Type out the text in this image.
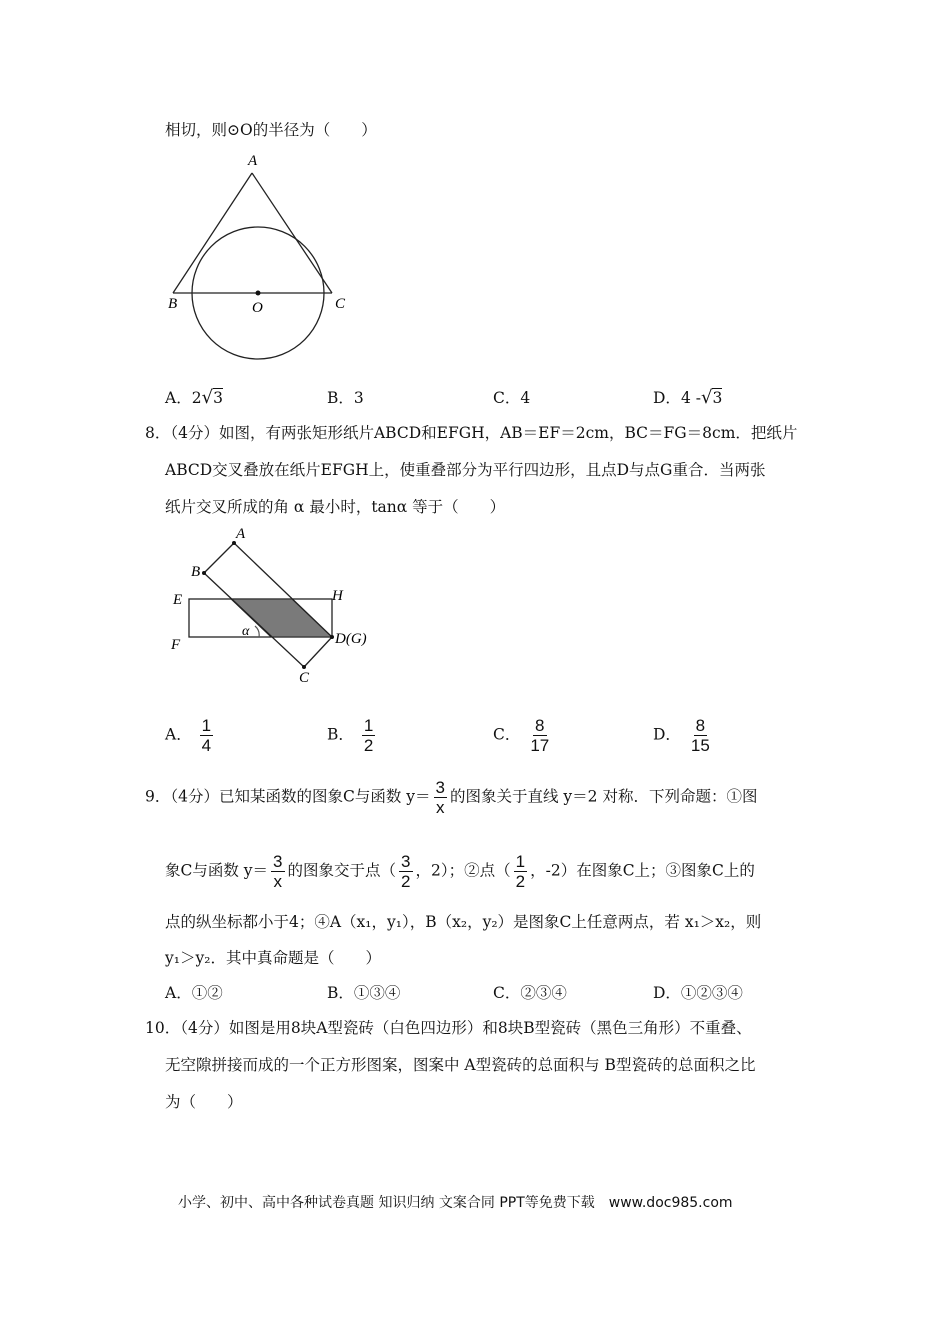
相切，则⊙O的半径为（　　）
A
B	C
O
A．2√3	B．3	C．4	D．4 -√3
8．（4分）如图，有两张矩形纸片ABCD和EFGH，AB＝EF＝2cm，BC＝FG＝8cm．把纸片
ABCD交叉叠放在纸片EFGH上，使重叠部分为平行四边形，且点D与点G重合．当两张
纸片交叉所成的角 α 最小时，tanα 等于（　　）
A
B
C
E
F
H
D(G)
α
A． $\frac{1}{4}$	B． $\frac{1}{2}$	C． $\frac{8}{17}$	D． $\frac{8}{15}$
9．（4分）已知某函数的图象C与函数 $y= \frac{3}{x}$ 的图象关于直线 y＝2 对称．下列命题：①图
象C与函数 $y= \frac{3}{x}$ 的图象交于点（ $\frac{3}{2}$ ，2）；②点（ $\frac{1}{2}$ ，-2）在图象C上；③图象C上的
点的纵坐标都小于4；④A（x₁，y₁），B（x₂，y₂）是图象C上任意两点，若 x₁＞x₂，则
y₁＞y₂．其中真命题是（　　）
A．①②	B．①③④	C．②③④	D．①②③④
10．（4分）如图是用8块A型瓷砖（白色四边形）和8块B型瓷砖（黑色三角形）不重叠、
无空隙拼接而成的一个正方形图案，图案中 A型瓷砖的总面积与 B型瓷砖的总面积之比
为（　　）
小学、初中、高中各种试卷真题 知识归纳 文案合同 PPT等免费下载　www.doc985.com
